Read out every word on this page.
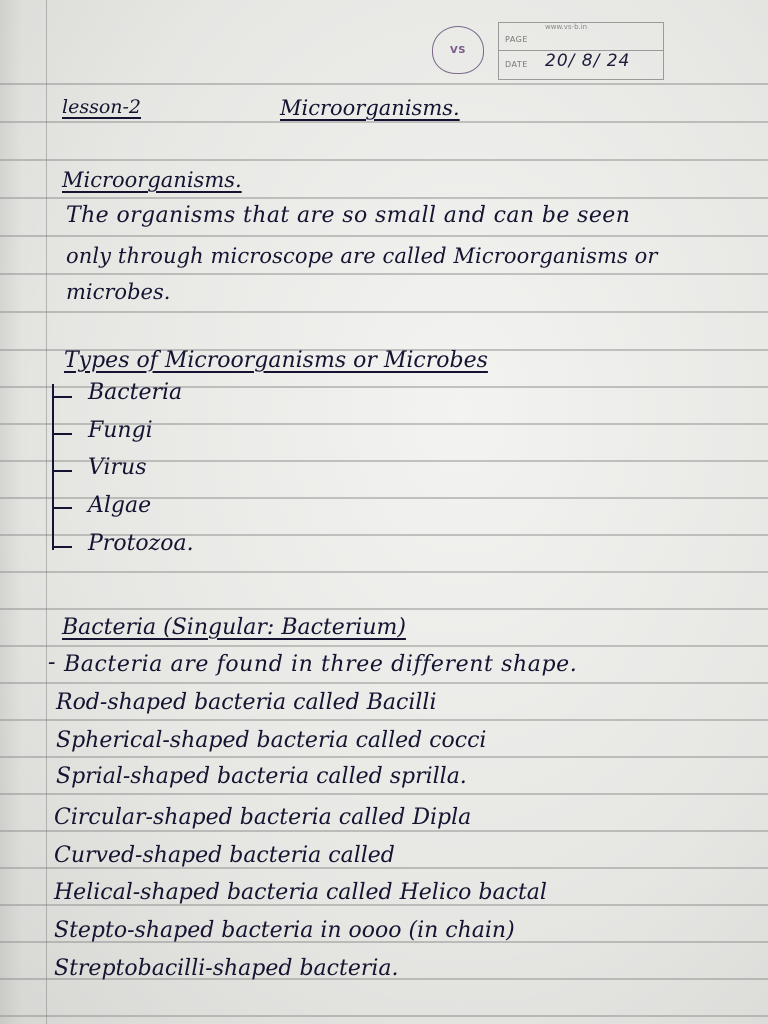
VS
www.vs-b.in
PAGE
DATE 20/ 8/ 24
lesson-2	Microorganisms.
Microorganisms.
The organisms that are so small and can be seen
only through microscope are called Microorganisms or
microbes.
Types of Microorganisms or Microbes
Bacteria
Fungi
Virus
Algae
Protozoa.
Bacteria (Singular: Bacterium)
- Bacteria are found in three different shape.
Rod-shaped bacteria called Bacilli
Spherical-shaped bacteria called cocci
Sprial-shaped bacteria called sprilla.
Circular-shaped bacteria called Dipla
Curved-shaped bacteria called
Helical-shaped bacteria called Helico bactal
Stepto-shaped bacteria in oooo (in chain)
Streptobacilli-shaped bacteria.
